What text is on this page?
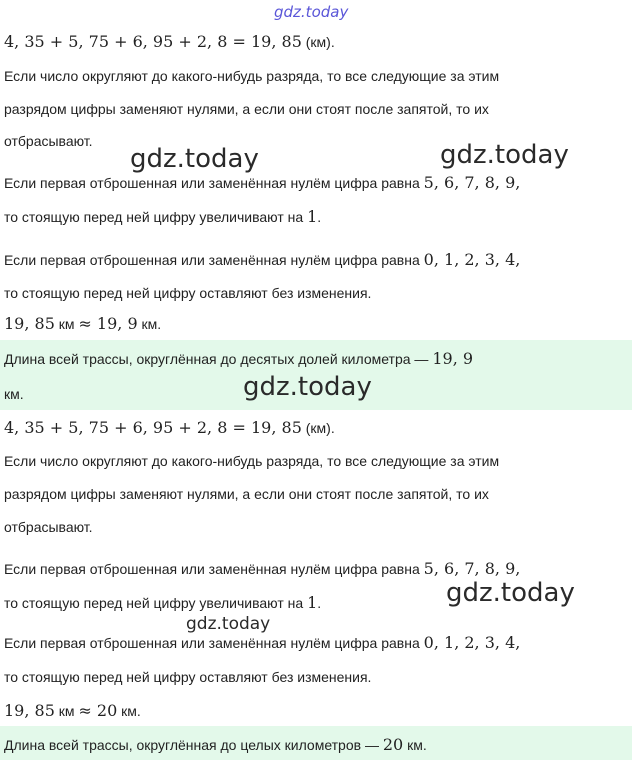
gdz.today
4, 35 + 5, 75 + 6, 95 + 2, 8 = 19, 85 (км).
Если число округляют до какого-нибудь разряда, то все следующие за этим
разрядом цифры заменяют нулями, а если они стоят после запятой, то их
отбрасывают.
Если первая отброшенная или заменённая нулём цифра равна 5, 6, 7, 8, 9,
то стоящую перед ней цифру увеличивают на 1.
Если первая отброшенная или заменённая нулём цифра равна 0, 1, 2, 3, 4,
то стоящую перед ней цифру оставляют без изменения.
19, 85 км ≈ 19, 9 км.
Длина всей трассы, округлённая до десятых долей километра — 19, 9
км.
4, 35 + 5, 75 + 6, 95 + 2, 8 = 19, 85 (км).
Если число округляют до какого-нибудь разряда, то все следующие за этим
разрядом цифры заменяют нулями, а если они стоят после запятой, то их
отбрасывают.
Если первая отброшенная или заменённая нулём цифра равна 5, 6, 7, 8, 9,
то стоящую перед ней цифру увеличивают на 1.
Если первая отброшенная или заменённая нулём цифра равна 0, 1, 2, 3, 4,
то стоящую перед ней цифру оставляют без изменения.
19, 85 км ≈ 20 км.
Длина всей трассы, округлённая до целых километров — 20 км.
gdz.today	gdz.today
gdz.today
gdz.today
gdz.today
